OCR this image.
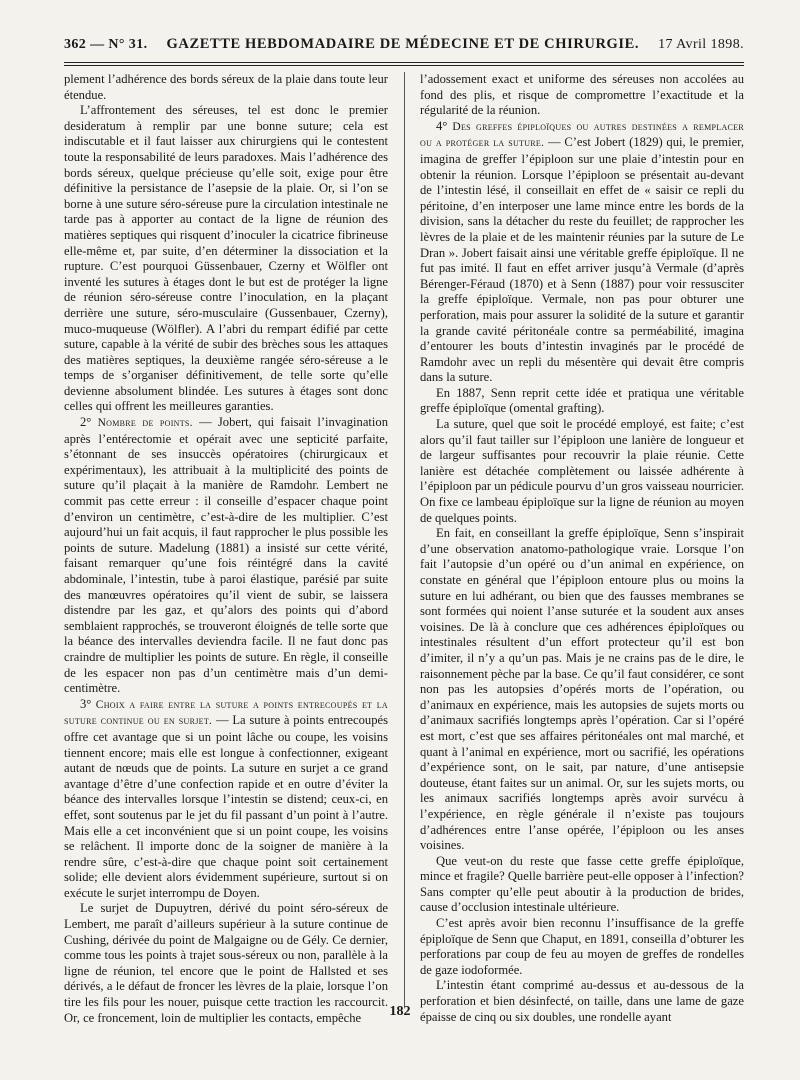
362 — N° 31. GAZETTE HEBDOMADAIRE DE MÉDECINE ET DE CHIRURGIE. 17 Avril 1898.

plement l’adhérence des bords séreux de la plaie dans toute leur étendue.

L’affrontement des séreuses, tel est donc le premier desideratum à remplir par une bonne suture; cela est indiscutable et il faut laisser aux chirurgiens qui le contestent toute la responsabilité de leurs paradoxes. Mais l’adhérence des bords séreux, quelque précieuse qu’elle soit, exige pour être définitive la persistance de l’asepsie de la plaie. Or, si l’on se borne à une suture séro-séreuse pure la circulation intestinale ne tarde pas à apporter au contact de la ligne de réunion des matières septiques qui risquent d’inoculer la cicatrice fibrineuse elle-même et, par suite, d’en déterminer la dissociation et la rupture. C’est pourquoi Güssenbauer, Czerny et Wölfler ont inventé les sutures à étages dont le but est de protéger la ligne de réunion séro-séreuse contre l’inoculation, en la plaçant derrière une suture, séro-musculaire (Gussenbauer, Czerny), muco-muqueuse (Wölfler). A l’abri du rempart édifié par cette suture, capable à la vérité de subir des brèches sous les attaques des matières septiques, la deuxième rangée séro-séreuse a le temps de s’organiser définitivement, de telle sorte qu’elle devienne absolument blindée. Les sutures à étages sont donc celles qui offrent les meilleures garanties.

2° Nombre de points. — Jobert, qui faisait l’invagination après l’entérectomie et opérait avec une septicité parfaite, s’étonnant de ses insuccès opératoires (chirurgicaux et expérimentaux), les attribuait à la multiplicité des points de suture qu’il plaçait à la manière de Ramdohr. Lembert ne commit pas cette erreur : il conseille d’espacer chaque point d’environ un centimètre, c’est-à-dire de les multiplier. C’est aujourd’hui un fait acquis, il faut rapprocher le plus possible les points de suture. Madelung (1881) a insisté sur cette vérité, faisant remarquer qu’une fois réintégré dans la cavité abdominale, l’intestin, tube à paroi élastique, parésié par suite des manœuvres opératoires qu’il vient de subir, se laissera distendre par les gaz, et qu’alors des points qui d’abord semblaient rapprochés, se trouveront éloignés de telle sorte que la béance des intervalles deviendra facile. Il ne faut donc pas craindre de multiplier les points de suture. En règle, il conseille de les espacer non pas d’un centimètre mais d’un demi-centimètre.

3° Choix a faire entre la suture a points entrecoupés et la suture continue ou en surjet. — La suture à points entrecoupés offre cet avantage que si un point lâche ou coupe, les voisins tiennent encore; mais elle est longue à confectionner, exigeant autant de nœuds que de points. La suture en surjet a ce grand avantage d’être d’une confection rapide et en outre d’éviter la béance des intervalles lorsque l’intestin se distend; ceux-ci, en effet, sont soutenus par le jet du fil passant d’un point à l’autre. Mais elle a cet inconvénient que si un point coupe, les voisins se relâchent. Il importe donc de la soigner de manière à la rendre sûre, c’est-à-dire que chaque point soit certainement solide; elle devient alors évidemment supérieure, surtout si on exécute le surjet interrompu de Doyen.

Le surjet de Dupuytren, dérivé du point séro-séreux de Lembert, me paraît d’ailleurs supérieur à la suture continue de Cushing, dérivée du point de Malgaigne ou de Gély. Ce dernier, comme tous les points à trajet sous-séreux ou non, parallèle à la ligne de réunion, tel encore que le point de Hallsted et ses dérivés, a le défaut de froncer les lèvres de la plaie, lorsque l’on tire les fils pour les nouer, puisque cette traction les raccourcit. Or, ce froncement, loin de multiplier les contacts, empêche

l’adossement exact et uniforme des séreuses non accolées au fond des plis, et risque de compromettre l’exactitude et la régularité de la réunion.

4° Des greffes épiploïques ou autres destinées a remplacer ou a protéger la suture. — C’est Jobert (1829) qui, le premier, imagina de greffer l’épiploon sur une plaie d’intestin pour en obtenir la réunion. Lorsque l’épiploon se présentait au-devant de l’intestin lésé, il conseillait en effet de « saisir ce repli du péritoine, d’en interposer une lame mince entre les bords de la division, sans la détacher du reste du feuillet; de rapprocher les lèvres de la plaie et de les maintenir réunies par la suture de Le Dran ». Jobert faisait ainsi une véritable greffe épiploïque. Il ne fut pas imité. Il faut en effet arriver jusqu’à Vermale (d’après Bérenger-Féraud (1870) et à Senn (1887) pour voir ressusciter la greffe épiploïque. Vermale, non pas pour obturer une perforation, mais pour assurer la solidité de la suture et garantir la grande cavité péritonéale contre sa perméabilité, imagina d’entourer les bouts d’intestin invaginés par le procédé de Ramdohr avec un repli du mésentère qui devait être compris dans la suture.

En 1887, Senn reprit cette idée et pratiqua une véritable greffe épiploïque (omental grafting).

La suture, quel que soit le procédé employé, est faite; c’est alors qu’il faut tailler sur l’épiploon une lanière de longueur et de largeur suffisantes pour recouvrir la plaie réunie. Cette lanière est détachée complètement ou laissée adhérente à l’épiploon par un pédicule pourvu d’un gros vaisseau nourricier. On fixe ce lambeau épiploïque sur la ligne de réunion au moyen de quelques points.

En fait, en conseillant la greffe épiploïque, Senn s’inspirait d’une observation anatomo-pathologique vraie. Lorsque l’on fait l’autopsie d’un opéré ou d’un animal en expérience, on constate en général que l’épiploon entoure plus ou moins la suture en lui adhérant, ou bien que des fausses membranes se sont formées qui noient l’anse suturée et la soudent aux anses voisines. De là à conclure que ces adhérences épiploïques ou intestinales résultent d’un effort protecteur qu’il est bon d’imiter, il n’y a qu’un pas. Mais je ne crains pas de le dire, le raisonnement pèche par la base. Ce qu’il faut considérer, ce sont non pas les autopsies d’opérés morts de l’opération, ou d’animaux en expérience, mais les autopsies de sujets morts ou d’animaux sacrifiés longtemps après l’opération. Car si l’opéré est mort, c’est que ses affaires péritonéales ont mal marché, et quant à l’animal en expérience, mort ou sacrifié, les opérations d’expérience sont, on le sait, par nature, d’une antisepsie douteuse, étant faites sur un animal. Or, sur les sujets morts, ou les animaux sacrifiés longtemps après avoir survécu à l’expérience, en règle générale il n’existe pas toujours d’adhérences entre l’anse opérée, l’épiploon ou les anses voisines.

Que veut-on du reste que fasse cette greffe épiploïque, mince et fragile? Quelle barrière peut-elle opposer à l’infection? Sans compter qu’elle peut aboutir à la production de brides, cause d’occlusion intestinale ultérieure.

C’est après avoir bien reconnu l’insuffisance de la greffe épiploïque de Senn que Chaput, en 1891, conseilla d’obturer les perforations par coup de feu au moyen de greffes de rondelles de gaze iodoformée.

L’intestin étant comprimé au-dessus et au-dessous de la perforation et bien désinfecté, on taille, dans une lame de gaze épaisse de cinq ou six doubles, une rondelle ayant

182
